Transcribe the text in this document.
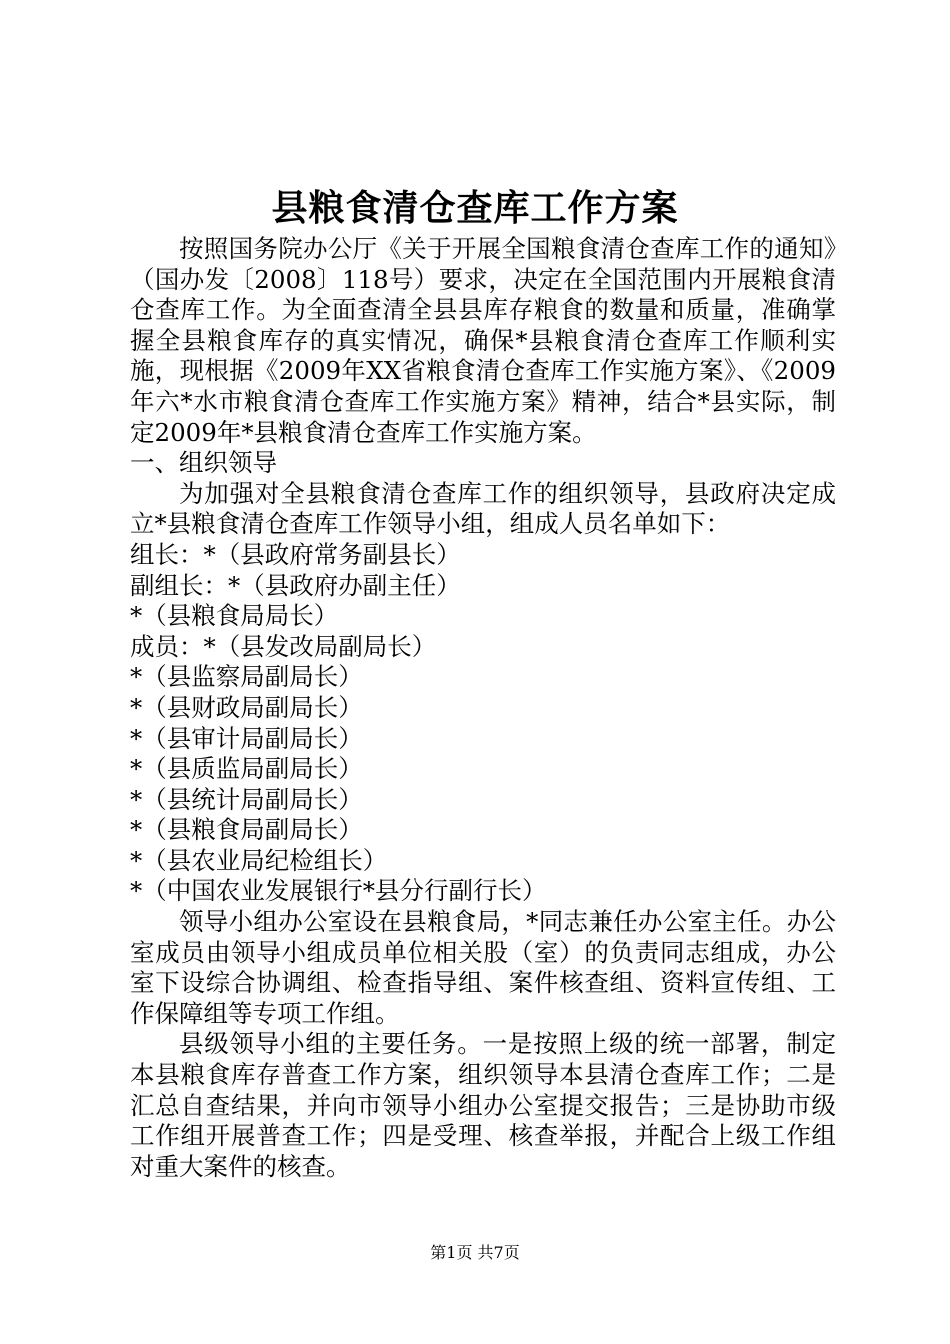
县粮食清仓查库工作方案

按照国务院办公厅《关于开展全国粮食清仓查库工作的通知》（国办发〔2008〕118号）要求，决定在全国范围内开展粮食清仓查库工作。为全面查清全县县库存粮食的数量和质量，准确掌握全县粮食库存的真实情况，确保*县粮食清仓查库工作顺利实施，现根据《2009年XX省粮食清仓查库工作实施方案》、《2009年六*水市粮食清仓查库工作实施方案》精神，结合*县实际，制定2009年*县粮食清仓查库工作实施方案。

一、组织领导

为加强对全县粮食清仓查库工作的组织领导，县政府决定成立*县粮食清仓查库工作领导小组，组成人员名单如下：

组长：*（县政府常务副县长）

副组长：*（县政府办副主任）

*（县粮食局局长）

成员：*（县发改局副局长）

*（县监察局副局长）

*（县财政局副局长）

*（县审计局副局长）

*（县质监局副局长）

*（县统计局副局长）

*（县粮食局副局长）

*（县农业局纪检组长）

*（中国农业发展银行*县分行副行长）

领导小组办公室设在县粮食局，*同志兼任办公室主任。办公室成员由领导小组成员单位相关股（室）的负责同志组成，办公室下设综合协调组、检查指导组、案件核查组、资料宣传组、工作保障组等专项工作组。

县级领导小组的主要任务。一是按照上级的统一部署，制定本县粮食库存普查工作方案，组织领导本县清仓查库工作；二是汇总自查结果，并向市领导小组办公室提交报告；三是协助市级工作组开展普查工作；四是受理、核查举报，并配合上级工作组对重大案件的核查。

第1页 共7页
